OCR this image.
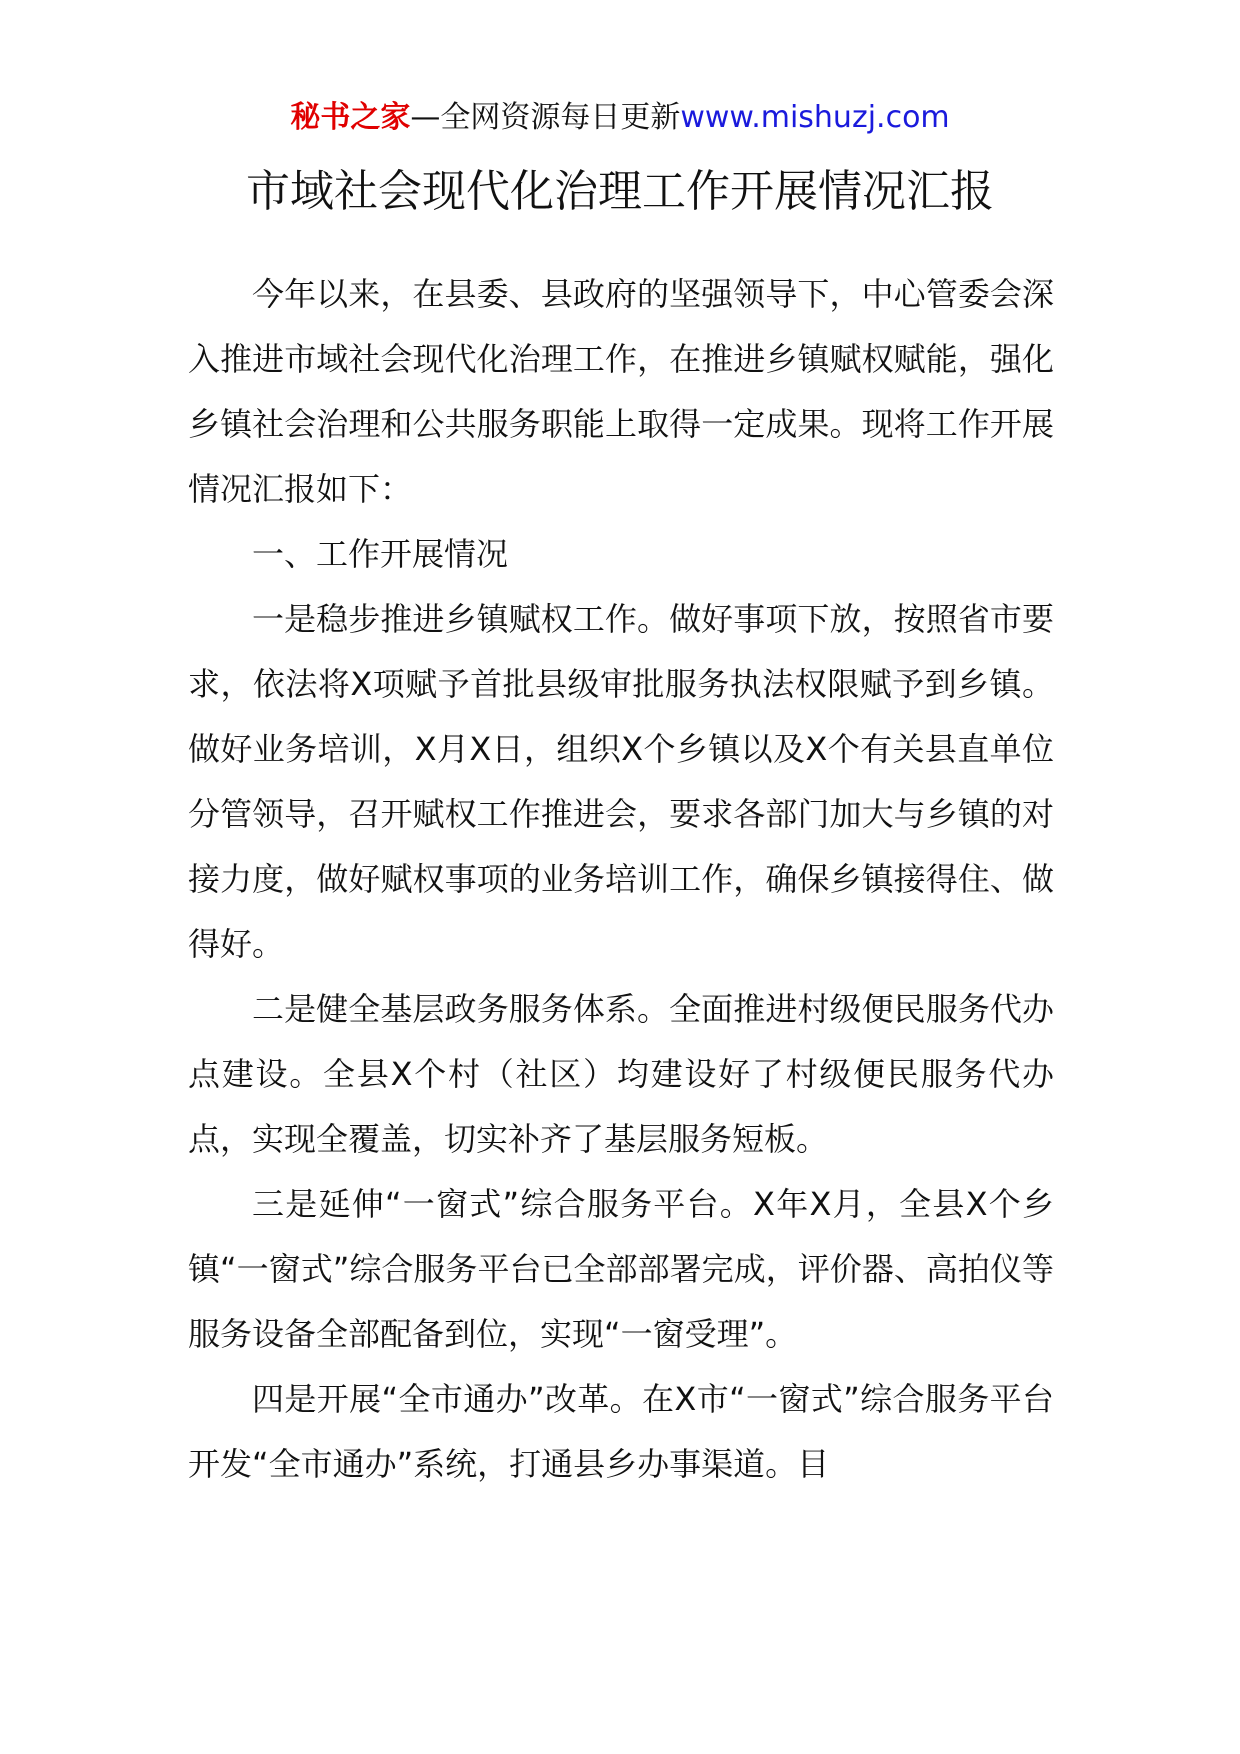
秘书之家—全网资源每日更新www.mishuzj.com
市域社会现代化治理工作开展情况汇报

今年以来，在县委、县政府的坚强领导下，中心管委会深入推进市域社会现代化治理工作，在推进乡镇赋权赋能，强化乡镇社会治理和公共服务职能上取得一定成果。现将工作开展情况汇报如下：

一、工作开展情况

一是稳步推进乡镇赋权工作。做好事项下放，按照省市要求，依法将X项赋予首批县级审批服务执法权限赋予到乡镇。做好业务培训，X月X日，组织X个乡镇以及X个有关县直单位分管领导，召开赋权工作推进会，要求各部门加大与乡镇的对接力度，做好赋权事项的业务培训工作，确保乡镇接得住、做得好。

二是健全基层政务服务体系。全面推进村级便民服务代办点建设。全县X个村（社区）均建设好了村级便民服务代办点，实现全覆盖，切实补齐了基层服务短板。

三是延伸“一窗式”综合服务平台。X年X月，全县X个乡镇“一窗式”综合服务平台已全部部署完成，评价器、高拍仪等服务设备全部配备到位，实现“一窗受理”。

四是开展“全市通办”改革。在X市“一窗式”综合服务平台开发“全市通办”系统，打通县乡办事渠道。目
